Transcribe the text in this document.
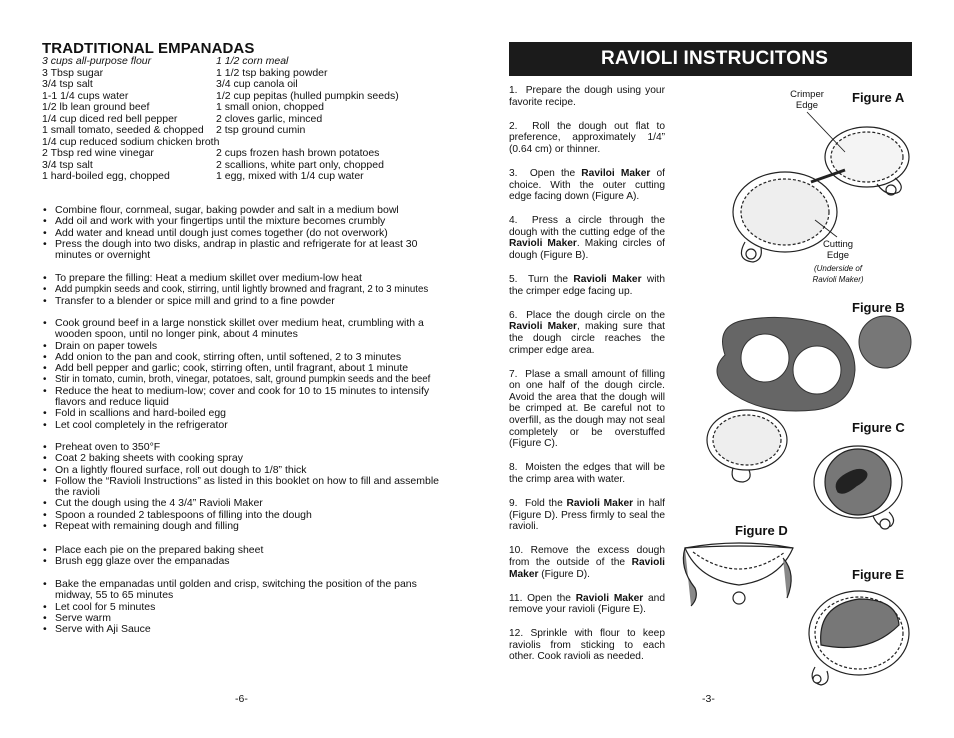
TRADTITIONAL EMPANADAS
3 cups all-purpose flour	1 1/2 corn meal
3 Tbsp sugar	1 1/2 tsp baking powder
3/4 tsp salt	3/4 cup canola oil
1-1 1/4 cups water	1/2 cup pepitas (hulled pumpkin seeds)
1/2 lb lean ground beef	1 small onion, chopped
1/4 cup diced red bell pepper	2 cloves garlic, minced
1 small tomato, seeded & chopped	2 tsp ground cumin
1/4 cup reduced sodium chicken broth
2 Tbsp red wine vinegar	2 cups frozen hash brown potatoes
3/4 tsp salt	2 scallions, white part only, chopped
1 hard-boiled egg, chopped	1 egg, mixed with 1/4 cup water
• Combine flour, cornmeal, sugar, baking powder and salt in a medium bowl
• Add oil and work with your fingertips until the mixture becomes crumbly
• Add water and knead until dough just comes together (do not overwork)
• Press the dough into two disks, andrap in plastic and refrigerate for at least 30 minutes or overnight
• To prepare the filling: Heat a medium skillet over medium-low heat
• Add pumpkin seeds and cook, stirring, until lightly browned and fragrant, 2 to 3 minutes
• Transfer to a blender or spice mill and grind to a fine powder
• Cook ground beef in a large nonstick skillet over medium heat, crumbling with a wooden spoon, until no longer pink, about 4 minutes
• Drain on paper towels
• Add onion to the pan and cook, stirring often, until softened, 2 to 3 minutes
• Add bell pepper and garlic; cook, stirring often, until fragrant, about 1 minute
• Stir in tomato, cumin, broth, vinegar, potatoes, salt, ground pumpkin seeds and the beef
• Reduce the heat to medium-low; cover and cook for 10 to 15 minutes to intensify flavors and reduce liquid
• Fold in scallions and hard-boiled egg
• Let cool completely in the refrigerator
• Preheat oven to 350°F
• Coat 2 baking sheets with cooking spray
• On a lightly floured surface, roll out dough to 1/8” thick
• Follow the “Ravioli Instructions” as listed in this booklet on how to fill and assemble the ravioli
• Cut the dough using the 4 3/4” Ravioli Maker
• Spoon a rounded 2 tablespoons of filling into the dough
• Repeat with remaining dough and filling
• Place each pie on the prepared baking sheet
• Brush egg glaze over the empanadas
• Bake the empanadas until golden and crisp, switching the position of the pans midway, 55 to 65 minutes
• Let cool for 5 minutes
• Serve warm
• Serve with Aji Sauce
-6-
RAVIOLI INSTRUCITONS

1.  Prepare the dough using your favorite recipe.

2.  Roll the dough out flat to preference, approximately 1/4” (0.64 cm) or thinner.

3.  Open the Raviloi Maker of choice. With the outer cutting edge facing down (Figure A).

4.  Press a circle through the dough with the cutting edge of the Ravioli Maker. Making circles of dough (Figure B).

5.  Turn the Ravioli Maker with the crimper edge facing up.

6.  Place the dough circle on the Ravioli Maker, making sure that the dough circle reaches the crimper edge area.

7.  Plase a small amount of filling on one half of the dough circle. Avoid the area that the dough will be crimped at. Be careful not to overfill, as the dough may not seal completely or be overstuffed (Figure C).

8.  Moisten the edges that will be the crimp area with water.

9.  Fold the Ravioli Maker in half (Figure D). Press firmly to seal the ravioli.

10. Remove the excess dough from the outside of the Ravioli Maker (Figure D).

11. Open the Ravioli Maker and remove your ravioli (Figure E).

12. Sprinkle with flour to keep raviolis from sticking to each other. Cook ravioli as needed.

Figure A
Crimper
Edge
Cutting
Edge
(Underside of
Ravioli Maker)
Figure B
Figure C
Figure D
Figure E
-3-
